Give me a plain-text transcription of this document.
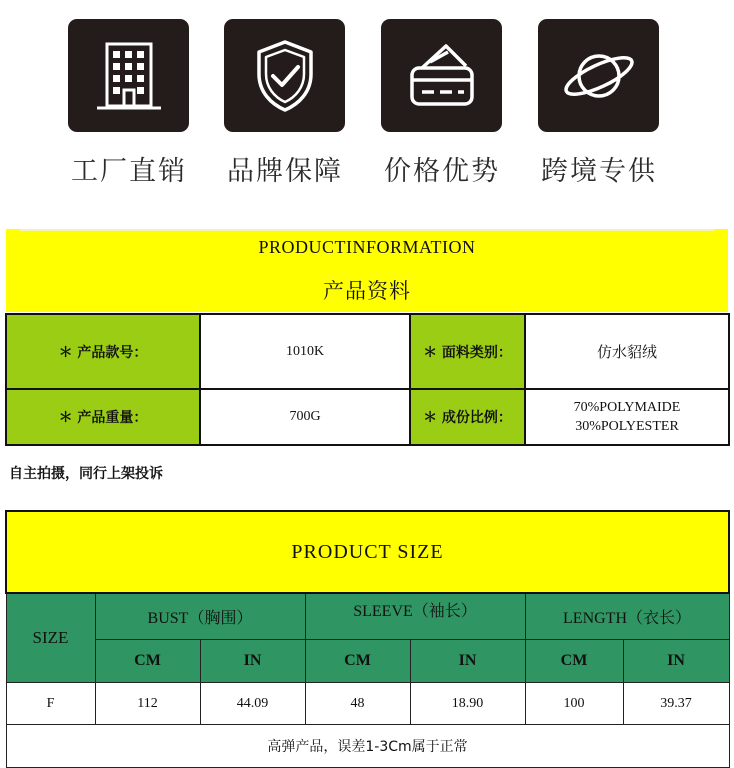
工厂直销	品牌保障	价格优势	跨境专供
PRODUCTINFORMATION
产品资料
＊ 产品款号：	1010K	＊ 面料类别：	仿水貂绒
＊ 产品重量：	700G	＊ 成份比例：	70%POLYMAIDE
30%POLYESTER
自主拍摄，同行上架投诉
PRODUCT SIZE						
SIZE	BUST（胸围）		SLEEVE（袖长）		LENGTH（衣长）	
	CM	IN	CM	IN	CM	IN
F	112	44.09	48	18.90	100	39.37
高弹产品，误差1-3Cm属于正常						
